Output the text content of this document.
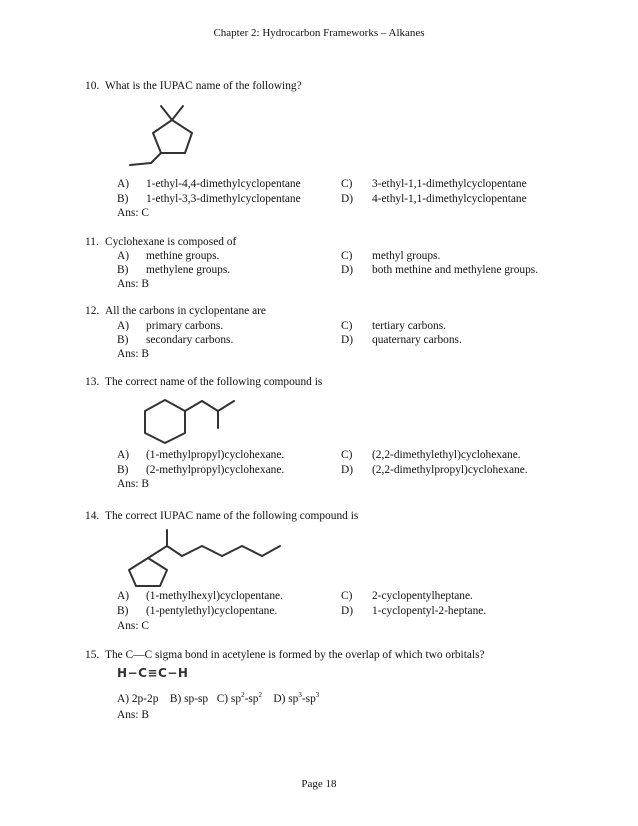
Chapter 2: Hydrocarbon Frameworks – Alkanes
10. What is the IUPAC name of the following?
A) 1-ethyl-4,4-dimethylcyclopentane	C) 3-ethyl-1,1-dimethylcyclopentane
B) 1-ethyl-3,3-dimethylcyclopentane	D) 4-ethyl-1,1-dimethylcyclopentane
Ans: C
11. Cyclohexane is composed of
A) methine groups.	C) methyl groups.
B) methylene groups.	D) both methine and methylene groups.
Ans: B
12. All the carbons in cyclopentane are
A) primary carbons.	C) tertiary carbons.
B) secondary carbons.	D) quaternary carbons.
Ans: B
13. The correct name of the following compound is
A) (1-methylpropyl)cyclohexane.	C) (2,2-dimethylethyl)cyclohexane.
B) (2-methylpropyl)cyclohexane.	D) (2,2-dimethylpropyl)cyclohexane.
Ans: B
14. The correct IUPAC name of the following compound is
A) (1-methylhexyl)cyclopentane.	C) 2-cyclopentylheptane.
B) (1-pentylethyl)cyclopentane.	D) 1-cyclopentyl-2-heptane.
Ans: C
15. The C—C sigma bond in acetylene is formed by the overlap of which two orbitals?
H−C≡C−H
A) 2p-2p B) sp-sp C) $sp^2-sp^2$ D) $sp^3-sp^3$
Ans: B
Page 18
